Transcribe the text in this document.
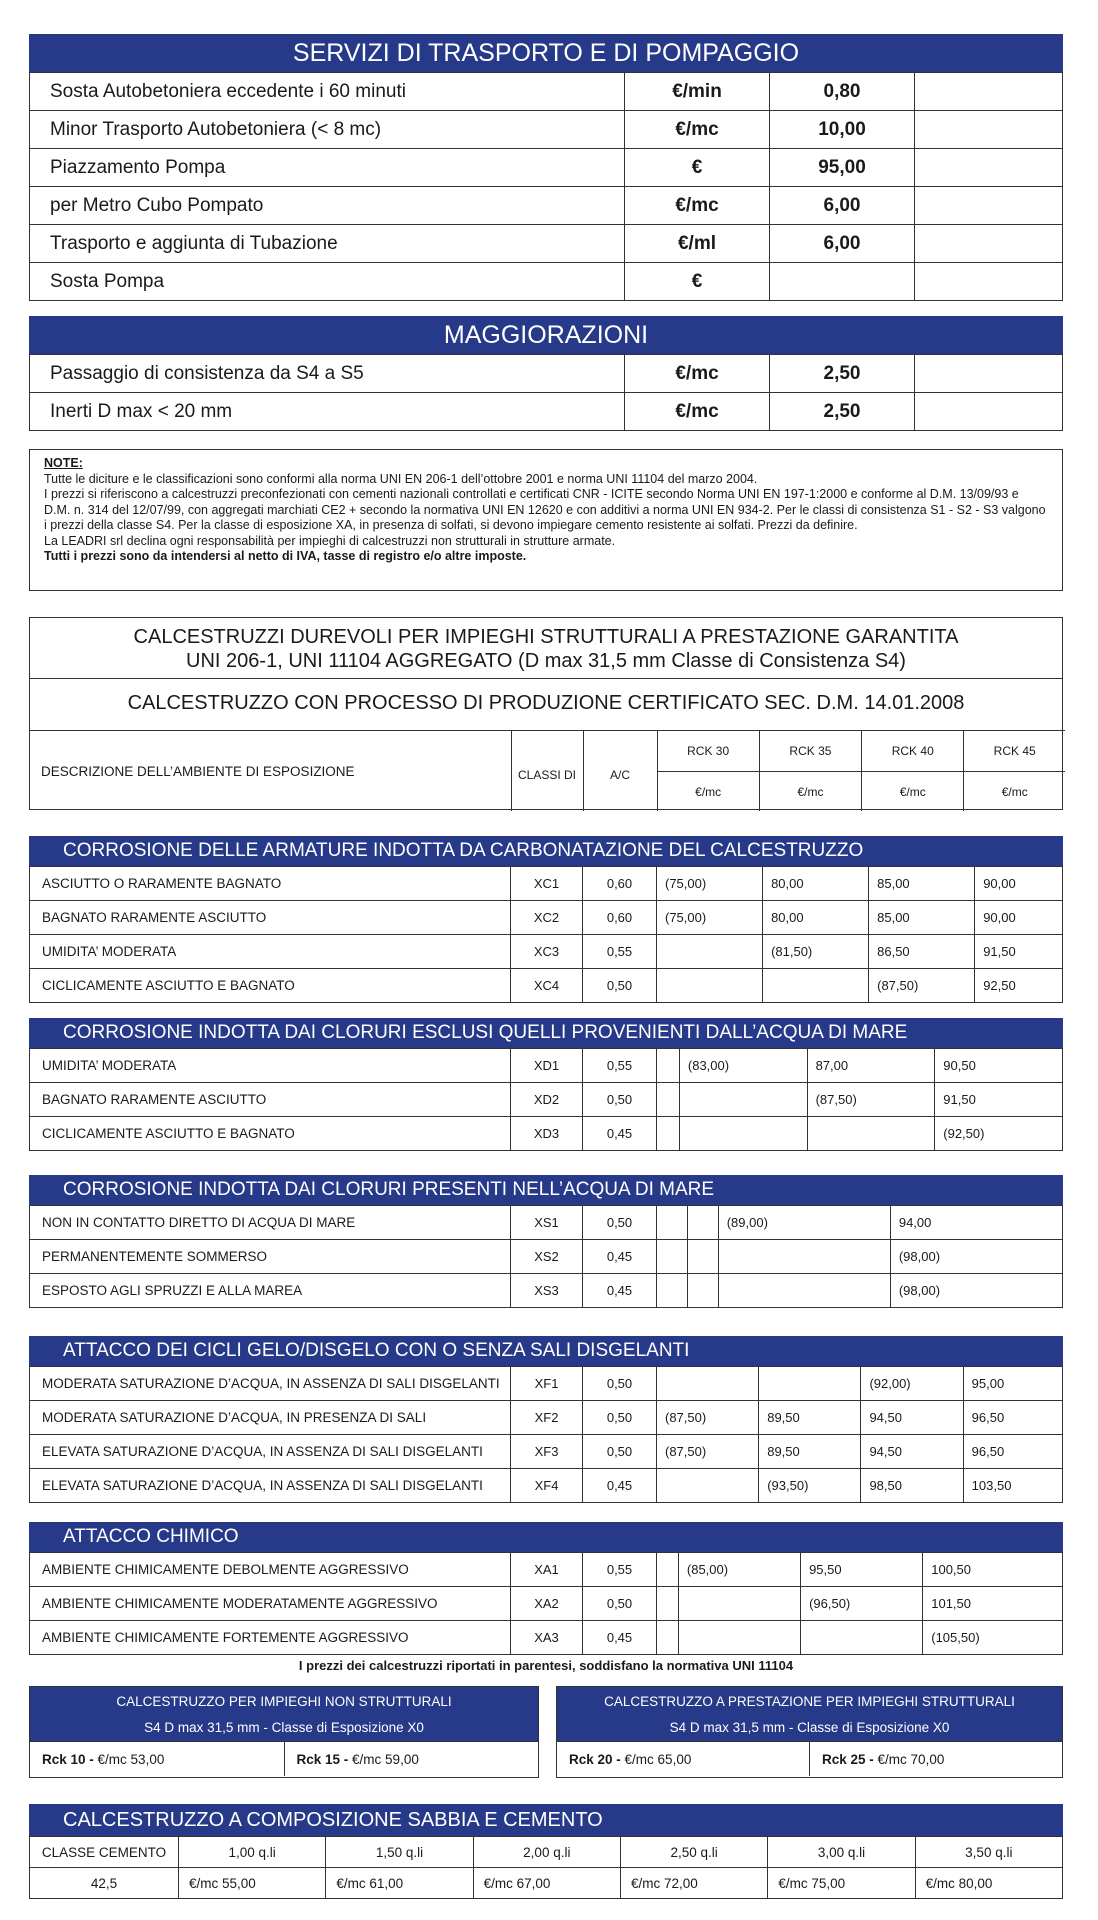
SERVIZI DI TRASPORTO E DI POMPAGGIO
Sosta Autobetoniera eccedente i 60 minuti	€/min	0,80	
Minor Trasporto Autobetoniera (< 8 mc)	€/mc	10,00	
Piazzamento Pompa	€	95,00	
per Metro Cubo Pompato	€/mc	6,00	
Trasporto e aggiunta di Tubazione	€/ml	6,00	
Sosta Pompa	€		
MAGGIORAZIONI
Passaggio di consistenza da S4 a S5	€/mc	2,50	
Inerti D max < 20 mm	€/mc	2,50	
NOTE:
Tutte le diciture e le classificazioni sono conformi alla norma UNI EN 206-1 dell’ottobre 2001 e norma UNI 11104 del marzo 2004.
I prezzi si riferiscono a calcestruzzi preconfezionati con cementi nazionali controllati e certificati CNR - ICITE secondo Norma UNI EN 197-1:2000 e conforme al D.M. 13/09/93 e D.M. n. 314 del 12/07/99, con aggregati marchiati CE2 + secondo la normativa UNI EN 12620 e con additivi a norma UNI EN 934-2. Per le classi di consistenza S1 - S2 - S3 valgono i prezzi della classe S4. Per la classe di esposizione XA, in presenza di solfati, si devono impiegare cemento resistente ai solfati. Prezzi da definire.
La LEADRI srl declina ogni responsabilità per impieghi di calcestruzzi non strutturali in strutture armate.
Tutti i prezzi sono da intendersi al netto di IVA, tasse di registro e/o altre imposte.
CALCESTRUZZI DUREVOLI PER IMPIEGHI STRUTTURALI A PRESTAZIONE GARANTITA
UNI 206-1, UNI 11104 AGGREGATO (D max 31,5 mm Classe di Consistenza S4)
CALCESTRUZZO CON PROCESSO DI PRODUZIONE CERTIFICATO SEC. D.M. 14.01.2008
DESCRIZIONE DELL’AMBIENTE DI ESPOSIZIONE	CLASSI DI	A/C	RCK 30	RCK 35	RCK 40	RCK 45
			€/mc	€/mc	€/mc	€/mc
CORROSIONE DELLE ARMATURE INDOTTA DA CARBONATAZIONE DEL CALCESTRUZZO
ASCIUTTO O RARAMENTE BAGNATO	XC1	0,60	(75,00)	80,00	85,00	90,00
BAGNATO RARAMENTE ASCIUTTO	XC2	0,60	(75,00)	80,00	85,00	90,00
UMIDITA’ MODERATA	XC3	0,55		(81,50)	86,50	91,50
CICLICAMENTE ASCIUTTO E BAGNATO	XC4	0,50			(87,50)	92,50
CORROSIONE INDOTTA DAI CLORURI ESCLUSI QUELLI PROVENIENTI DALL’ACQUA DI MARE
UMIDITA’ MODERATA	XD1	0,55		(83,00)	87,00	90,50
BAGNATO RARAMENTE ASCIUTTO	XD2	0,50			(87,50)	91,50
CICLICAMENTE ASCIUTTO E BAGNATO	XD3	0,45				(92,50)
CORROSIONE INDOTTA DAI CLORURI PRESENTI NELL’ACQUA DI MARE
NON IN CONTATTO DIRETTO DI ACQUA DI MARE	XS1	0,50			(89,00)	94,00
PERMANENTEMENTE SOMMERSO	XS2	0,45				(98,00)
ESPOSTO AGLI SPRUZZI E ALLA MAREA	XS3	0,45				(98,00)
ATTACCO DEI CICLI GELO/DISGELO CON O SENZA SALI DISGELANTI
MODERATA SATURAZIONE D’ACQUA, IN ASSENZA DI SALI DISGELANTI	XF1	0,50			(92,00)	95,00
MODERATA SATURAZIONE D’ACQUA, IN PRESENZA DI SALI	XF2	0,50	(87,50)	89,50	94,50	96,50
ELEVATA SATURAZIONE D’ACQUA, IN ASSENZA DI SALI DISGELANTI	XF3	0,50	(87,50)	89,50	94,50	96,50
ELEVATA SATURAZIONE D’ACQUA, IN ASSENZA DI SALI DISGELANTI	XF4	0,45		(93,50)	98,50	103,50
ATTACCO CHIMICO
AMBIENTE CHIMICAMENTE DEBOLMENTE AGGRESSIVO	XA1	0,55		(85,00)	95,50	100,50
AMBIENTE CHIMICAMENTE MODERATAMENTE AGGRESSIVO	XA2	0,50			(96,50)	101,50
AMBIENTE CHIMICAMENTE FORTEMENTE AGGRESSIVO	XA3	0,45				(105,50)
I prezzi dei calcestruzzi riportati in parentesi, soddisfano la normativa UNI 11104
CALCESTRUZZO PER IMPIEGHI NON STRUTTURALI
S4 D max 31,5 mm - Classe di Esposizione X0
Rck 10 - €/mc 53,00	Rck 15 - €/mc 59,00
CALCESTRUZZO A PRESTAZIONE PER IMPIEGHI STRUTTURALI
S4 D max 31,5 mm - Classe di Esposizione X0
Rck 20 - €/mc 65,00	Rck 25 - €/mc 70,00
CALCESTRUZZO A COMPOSIZIONE SABBIA E CEMENTO
CLASSE CEMENTO	1,00 q.li	1,50 q.li	2,00 q.li	2,50 q.li	3,00 q.li	3,50 q.li
42,5	€/mc 55,00	€/mc 61,00	€/mc 67,00	€/mc 72,00	€/mc 75,00	€/mc 80,00
